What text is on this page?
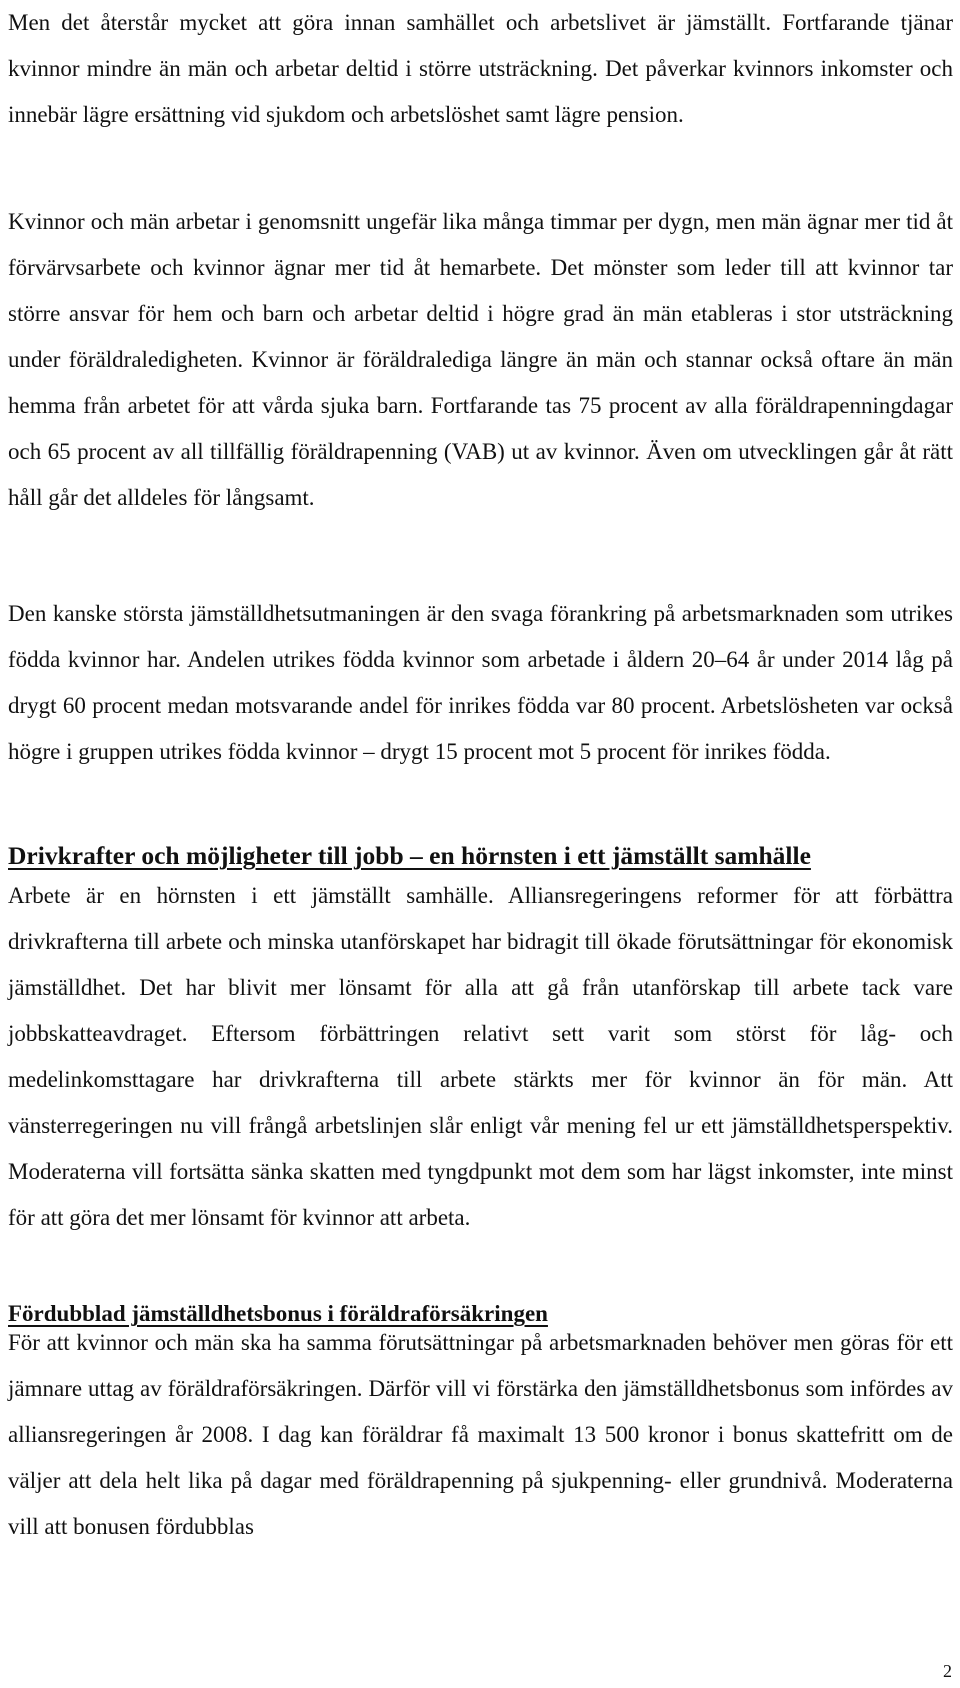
Men det återstår mycket att göra innan samhället och arbetslivet är jämställt. Fortfarande tjänar kvinnor mindre än män och arbetar deltid i större utsträckning. Det påverkar kvinnors inkomster och innebär lägre ersättning vid sjukdom och arbetslöshet samt lägre pension.

Kvinnor och män arbetar i genomsnitt ungefär lika många timmar per dygn, men män ägnar mer tid åt förvärvsarbete och kvinnor ägnar mer tid åt hemarbete. Det mönster som leder till att kvinnor tar större ansvar för hem och barn och arbetar deltid i högre grad än män etableras i stor utsträckning under föräldraledigheten. Kvinnor är föräldralediga längre än män och stannar också oftare än män hemma från arbetet för att vårda sjuka barn. Fortfarande tas 75 procent av alla föräldrapenningdagar och 65 procent av all tillfällig föräldrapenning (VAB) ut av kvinnor. Även om utvecklingen går åt rätt håll går det alldeles för långsamt.

Den kanske största jämställdhetsutmaningen är den svaga förankring på arbetsmarknaden som utrikes födda kvinnor har. Andelen utrikes födda kvinnor som arbetade i åldern 20–64 år under 2014 låg på drygt 60 procent medan motsvarande andel för inrikes födda var 80 procent. Arbetslösheten var också högre i gruppen utrikes födda kvinnor – drygt 15 procent mot 5 procent för inrikes födda.

Drivkrafter och möjligheter till jobb – en hörnsten i ett jämställt samhälle

Arbete är en hörnsten i ett jämställt samhälle. Alliansregeringens reformer för att förbättra drivkrafterna till arbete och minska utanförskapet har bidragit till ökade förutsättningar för ekonomisk jämställdhet. Det har blivit mer lönsamt för alla att gå från utanförskap till arbete tack vare jobbskatteavdraget. Eftersom förbättringen relativt sett varit som störst för låg- och medelinkomsttagare har drivkrafterna till arbete stärkts mer för kvinnor än för män. Att vänsterregeringen nu vill frångå arbetslinjen slår enligt vår mening fel ur ett jämställdhetsperspektiv. Moderaterna vill fortsätta sänka skatten med tyngdpunkt mot dem som har lägst inkomster, inte minst för att göra det mer lönsamt för kvinnor att arbeta.

Fördubblad jämställdhetsbonus i föräldraförsäkringen

För att kvinnor och män ska ha samma förutsättningar på arbetsmarknaden behöver men göras för ett jämnare uttag av föräldraförsäkringen. Därför vill vi förstärka den jämställdhetsbonus som infördes av alliansregeringen år 2008. I dag kan föräldrar få maximalt 13 500 kronor i bonus skattefritt om de väljer att dela helt lika på dagar med föräldrapenning på sjukpenning- eller grundnivå. Moderaterna vill att bonusen fördubblas

2
